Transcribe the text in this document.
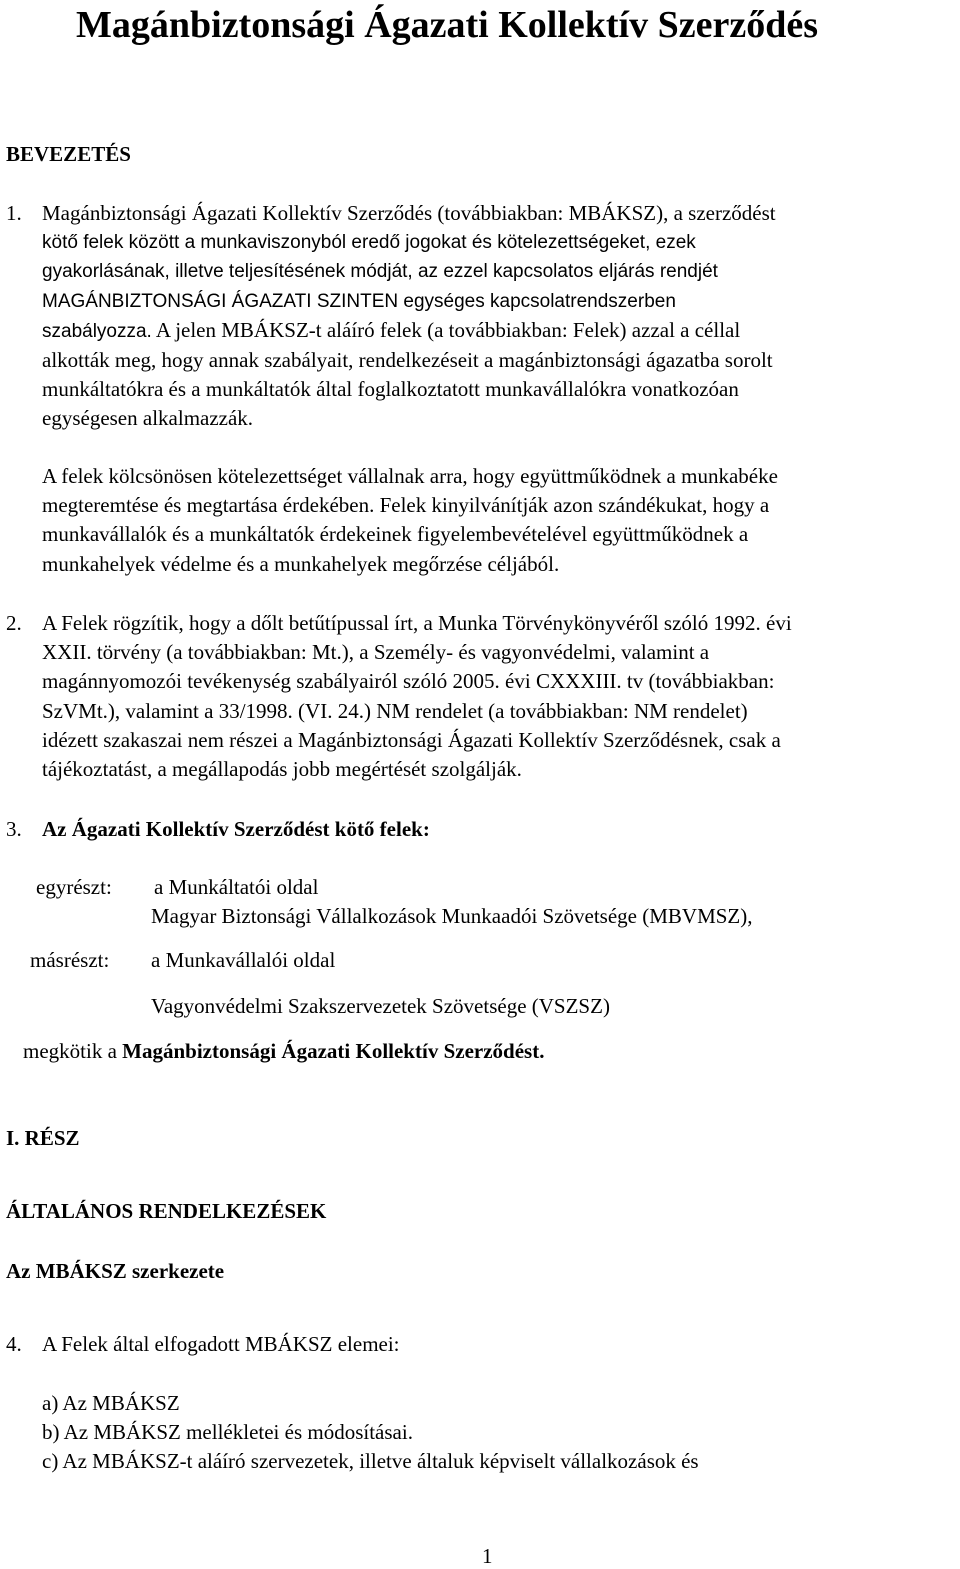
Magánbiztonsági Ágazati Kollektív Szerződés
BEVEZETÉS
1. Magánbiztonsági Ágazati Kollektív Szerződés (továbbiakban: MBÁKSZ), a szerződést
kötő felek között a munkaviszonyból eredő jogokat és kötelezettségeket, ezek
gyakorlásának, illetve teljesítésének módját, az ezzel kapcsolatos eljárás rendjét
MAGÁNBIZTONSÁGI ÁGAZATI SZINTEN egységes kapcsolatrendszerben
szabályozza. A jelen MBÁKSZ-t aláíró felek (a továbbiakban: Felek) azzal a céllal
alkották meg, hogy annak szabályait, rendelkezéseit a magánbiztonsági ágazatba sorolt
munkáltatókra és a munkáltatók által foglalkoztatott munkavállalókra vonatkozóan
egységesen alkalmazzák.
A felek kölcsönösen kötelezettséget vállalnak arra, hogy együttműködnek a munkabéke
megteremtése és megtartása érdekében. Felek kinyilvánítják azon szándékukat, hogy a
munkavállalók és a munkáltatók érdekeinek figyelembevételével együttműködnek a
munkahelyek védelme és a munkahelyek megőrzése céljából.
2. A Felek rögzítik, hogy a dőlt betűtípussal írt, a Munka Törvénykönyvéről szóló 1992. évi
XXII. törvény (a továbbiakban: Mt.), a Személy- és vagyonvédelmi, valamint a
magánnyomozói tevékenység szabályairól szóló 2005. évi CXXXIII. tv (továbbiakban:
SzVMt.), valamint a 33/1998. (VI. 24.) NM rendelet (a továbbiakban: NM rendelet)
idézett szakaszai nem részei a Magánbiztonsági Ágazati Kollektív Szerződésnek, csak a
tájékoztatást, a megállapodás jobb megértését szolgálják.
3. Az Ágazati Kollektív Szerződést kötő felek:
egyrészt: a Munkáltatói oldal
Magyar Biztonsági Vállalkozások Munkaadói Szövetsége (MBVMSZ),
másrészt: a Munkavállalói oldal
Vagyonvédelmi Szakszervezetek Szövetsége (VSZSZ)
megkötik a Magánbiztonsági Ágazati Kollektív Szerződést.
I. RÉSZ
ÁLTALÁNOS RENDELKEZÉSEK
Az MBÁKSZ szerkezete
4. A Felek által elfogadott MBÁKSZ elemei:
a) Az MBÁKSZ
b) Az MBÁKSZ mellékletei és módosításai.
c) Az MBÁKSZ-t aláíró szervezetek, illetve általuk képviselt vállalkozások és
1
